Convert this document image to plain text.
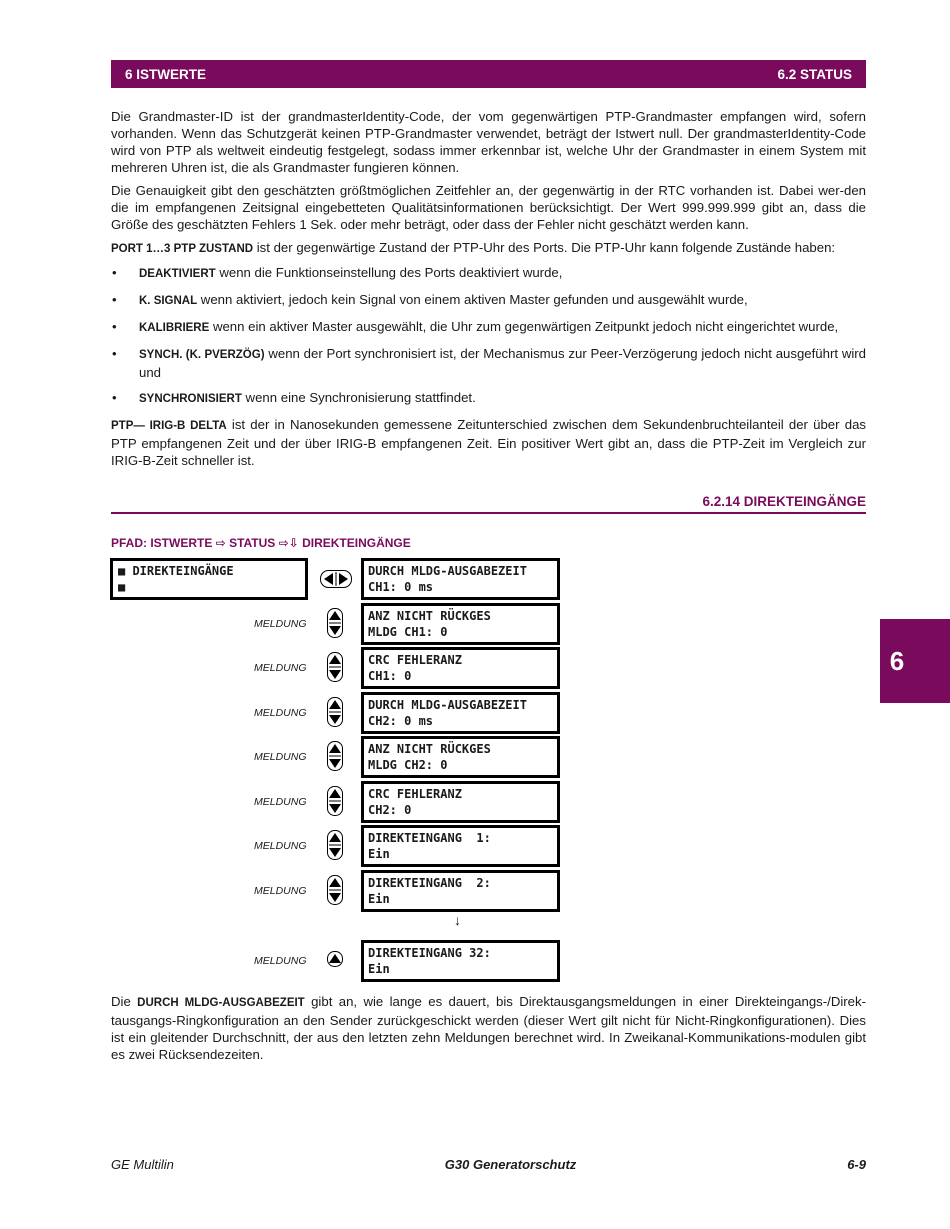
6 ISTWERTE	6.2 STATUS

Die Grandmaster-ID ist der grandmasterIdentity-Code, der vom gegenwärtigen PTP-Grandmaster empfangen wird, sofern vorhanden. Wenn das Schutzgerät keinen PTP-Grandmaster verwendet, beträgt der Istwert null. Der grandmasterIdentity-Code wird von PTP als weltweit eindeutig festgelegt, sodass immer erkennbar ist, welche Uhr der Grandmaster in einem System mit mehreren Uhren ist, die als Grandmaster fungieren können.

Die Genauigkeit gibt den geschätzten größtmöglichen Zeitfehler an, der gegenwärtig in der RTC vorhanden ist. Dabei wer-den die im empfangenen Zeitsignal eingebetteten Qualitätsinformationen berücksichtigt. Der Wert 999.999.999 gibt an, dass die Größe des geschätzten Fehlers 1 Sek. oder mehr beträgt, oder dass der Fehler nicht geschätzt werden kann.

PORT 1…3 PTP ZUSTAND ist der gegenwärtige Zustand der PTP-Uhr des Ports. Die PTP-Uhr kann folgende Zustände haben:

• DEAKTIVIERT wenn die Funktionseinstellung des Ports deaktiviert wurde,
• K. SIGNAL wenn aktiviert, jedoch kein Signal von einem aktiven Master gefunden und ausgewählt wurde,
• KALIBRIERE wenn ein aktiver Master ausgewählt, die Uhr zum gegenwärtigen Zeitpunkt jedoch nicht eingerichtet wurde,
• SYNCH. (K. PVERZÖG) wenn der Port synchronisiert ist, der Mechanismus zur Peer-Verzögerung jedoch nicht ausgeführt wird und
• SYNCHRONISIERT wenn eine Synchronisierung stattfindet.

PTP— IRIG-B DELTA ist der in Nanosekunden gemessene Zeitunterschied zwischen dem Sekundenbruchteilanteil der über das PTP empfangenen Zeit und der über IRIG-B empfangenen Zeit. Ein positiver Wert gibt an, dass die PTP-Zeit im Vergleich zur IRIG-B-Zeit schneller ist.

6.2.14 DIREKTEINGÄNGE
PFAD: ISTWERTE ⇨ STATUS ⇨⇩ DIREKTEINGÄNGE
■ DIREKTEINGÄNGE
■
DURCH MLDG-AUSGABEZEIT
CH1: 0 ms
ANZ NICHT RÜCKGES
MLDG CH1: 0
MELDUNG
CRC FEHLERANZ
CH1: 0
MELDUNG
DURCH MLDG-AUSGABEZEIT
CH2: 0 ms
MELDUNG
ANZ NICHT RÜCKGES
MLDG CH2: 0
MELDUNG
CRC FEHLERANZ
CH2: 0
MELDUNG
DIREKTEINGANG  1:
Ein
MELDUNG
DIREKTEINGANG  2:
Ein
MELDUNG
DIREKTEINGANG 32:
Ein
MELDUNG
↓
6

Die DURCH MLDG-AUSGABEZEIT gibt an, wie lange es dauert, bis Direktausgangsmeldungen in einer Direkteingangs-/Direk-tausgangs-Ringkonfiguration an den Sender zurückgeschickt werden (dieser Wert gilt nicht für Nicht-Ringkonfigurationen). Dies ist ein gleitender Durchschnitt, der aus den letzten zehn Meldungen berechnet wird. In Zweikanal-Kommunikations-modulen gibt es zwei Rücksendezeiten.

GE Multilin	G30 Generatorschutz	6-9
